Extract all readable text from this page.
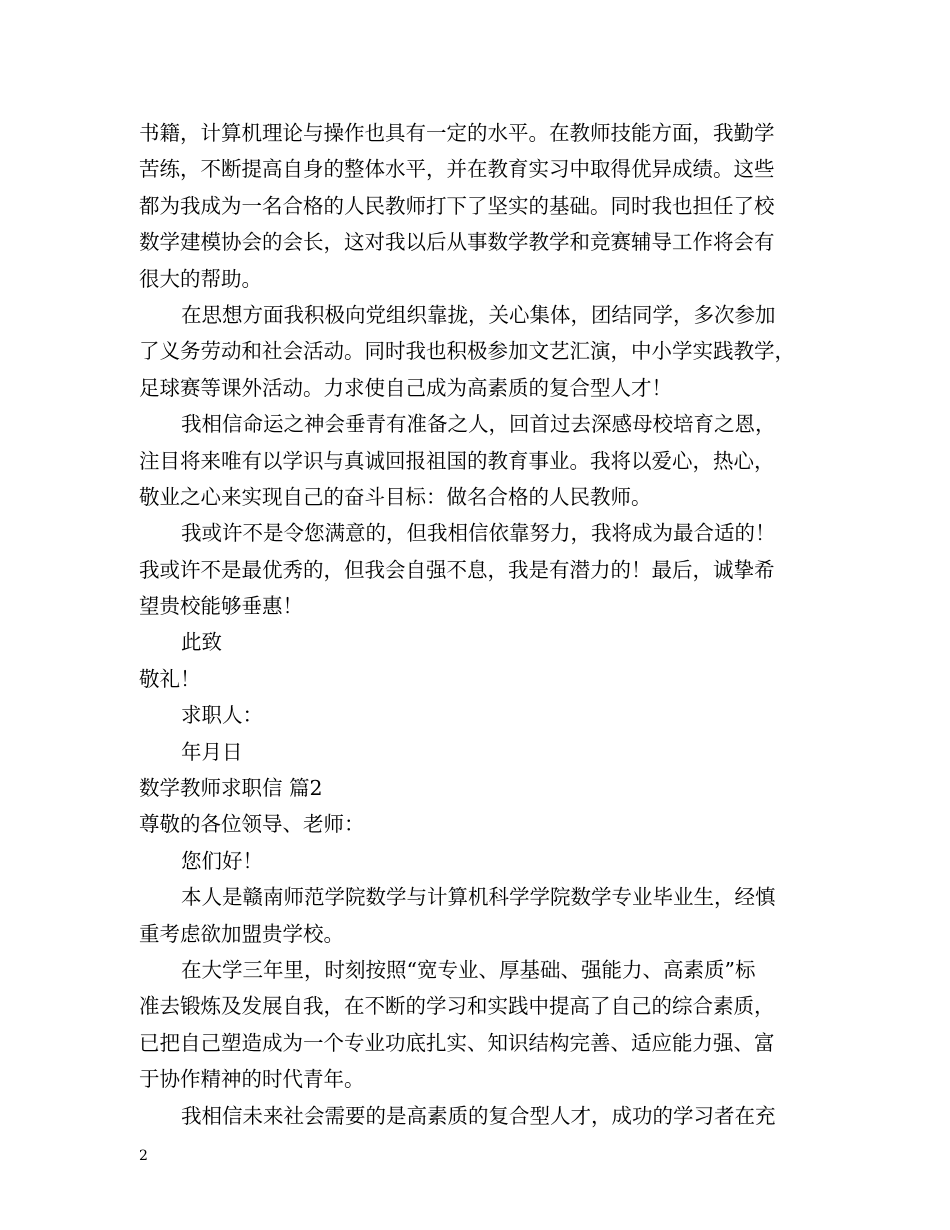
书籍，计算机理论与操作也具有一定的水平。在教师技能方面，我勤学
苦练，不断提高自身的整体水平，并在教育实习中取得优异成绩。这些
都为我成为一名合格的人民教师打下了坚实的基础。同时我也担任了校
数学建模协会的会长，这对我以后从事数学教学和竞赛辅导工作将会有
很大的帮助。
在思想方面我积极向党组织靠拢，关心集体，团结同学，多次参加
了义务劳动和社会活动。同时我也积极参加文艺汇演，中小学实践教学，
足球赛等课外活动。力求使自己成为高素质的复合型人才！
我相信命运之神会垂青有准备之人，回首过去深感母校培育之恩，
注目将来唯有以学识与真诚回报祖国的教育事业。我将以爱心，热心，
敬业之心来实现自己的奋斗目标：做名合格的人民教师。
我或许不是令您满意的，但我相信依靠努力，我将成为最合适的！
我或许不是最优秀的，但我会自强不息，我是有潜力的！最后，诚挚希
望贵校能够垂惠！
此致
敬礼！
求职人：
年月日
数学教师求职信 篇2
尊敬的各位领导、老师：
您们好！
本人是赣南师范学院数学与计算机科学学院数学专业毕业生，经慎
重考虑欲加盟贵学校。
在大学三年里，时刻按照“宽专业、厚基础、强能力、高素质”标
准去锻炼及发展自我，在不断的学习和实践中提高了自己的综合素质，
已把自己塑造成为一个专业功底扎实、知识结构完善、适应能力强、富
于协作精神的时代青年。
我相信未来社会需要的是高素质的复合型人才，成功的学习者在充
2
